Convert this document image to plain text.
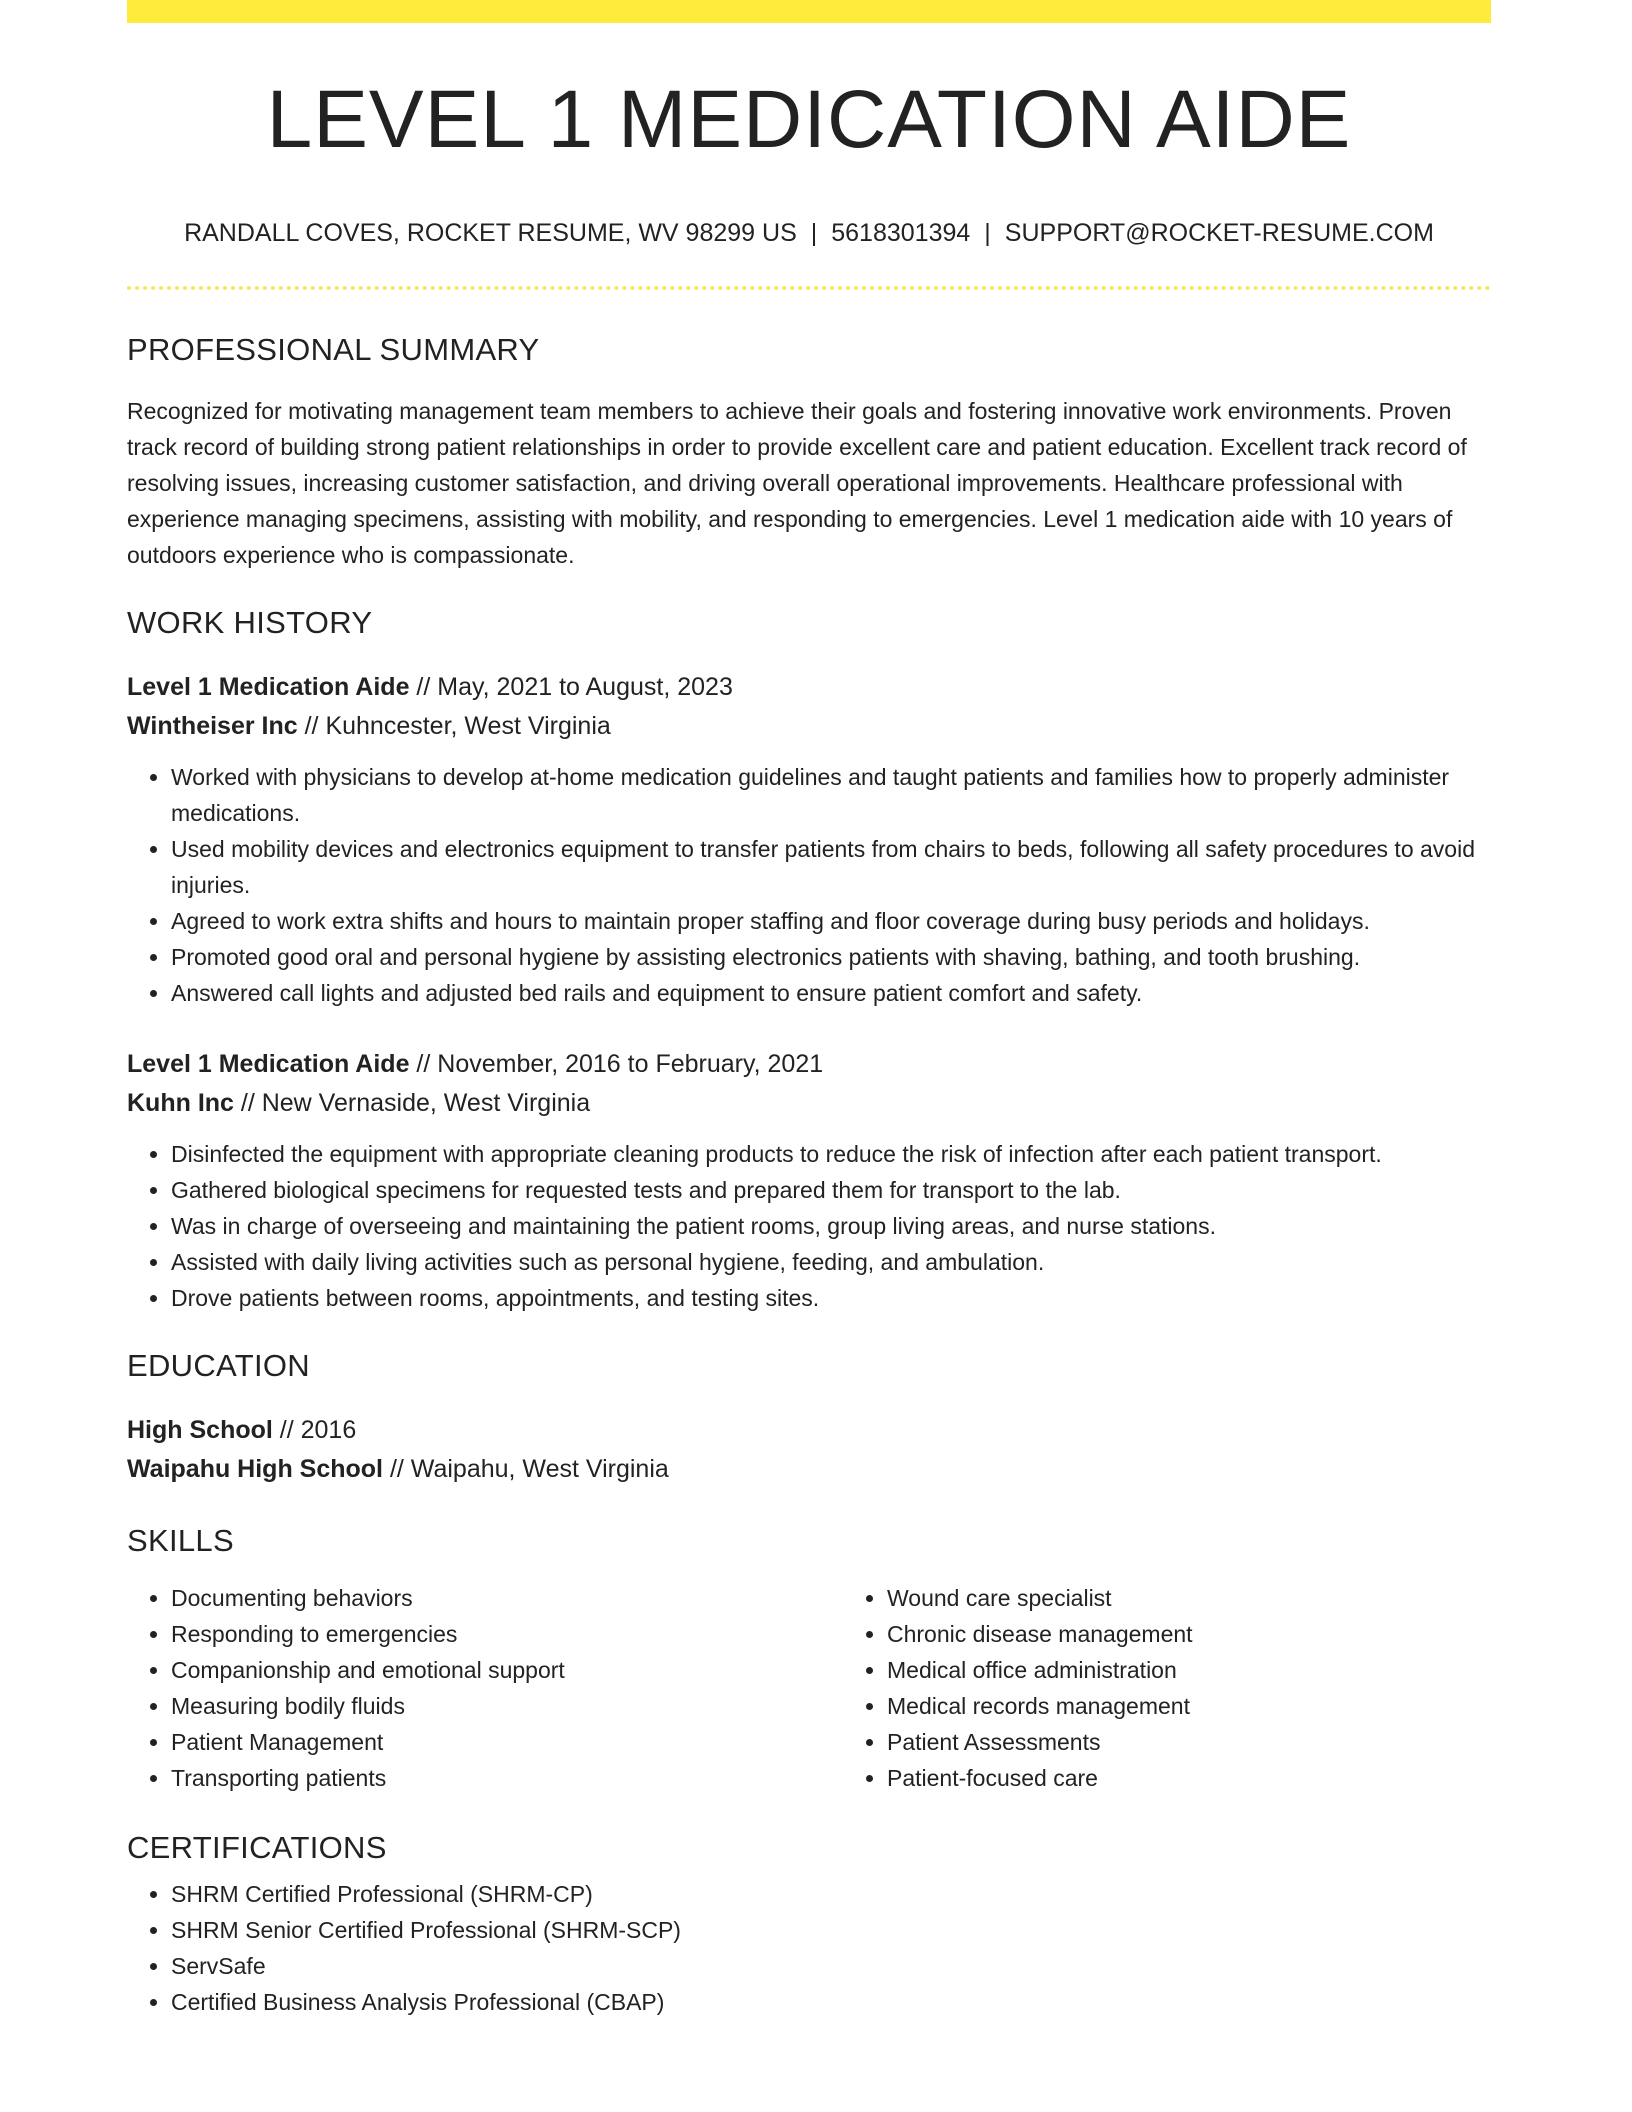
LEVEL 1 MEDICATION AIDE
RANDALL COVES, ROCKET RESUME, WV 98299 US | 5618301394 | SUPPORT@ROCKET-RESUME.COM
PROFESSIONAL SUMMARY

Recognized for motivating management team members to achieve their goals and fostering innovative work environments. Proven track record of building strong patient relationships in order to provide excellent care and patient education. Excellent track record of resolving issues, increasing customer satisfaction, and driving overall operational improvements. Healthcare professional with experience managing specimens, assisting with mobility, and responding to emergencies. Level 1 medication aide with 10 years of outdoors experience who is compassionate.

WORK HISTORY
Level 1 Medication Aide // May, 2021 to August, 2023
Wintheiser Inc // Kuhncester, West Virginia
• Worked with physicians to develop at-home medication guidelines and taught patients and families how to properly administer medications.
• Used mobility devices and electronics equipment to transfer patients from chairs to beds, following all safety procedures to avoid injuries.
• Agreed to work extra shifts and hours to maintain proper staffing and floor coverage during busy periods and holidays.
• Promoted good oral and personal hygiene by assisting electronics patients with shaving, bathing, and tooth brushing.
• Answered call lights and adjusted bed rails and equipment to ensure patient comfort and safety.
Level 1 Medication Aide // November, 2016 to February, 2021
Kuhn Inc // New Vernaside, West Virginia
• Disinfected the equipment with appropriate cleaning products to reduce the risk of infection after each patient transport.
• Gathered biological specimens for requested tests and prepared them for transport to the lab.
• Was in charge of overseeing and maintaining the patient rooms, group living areas, and nurse stations.
• Assisted with daily living activities such as personal hygiene, feeding, and ambulation.
• Drove patients between rooms, appointments, and testing sites.
EDUCATION
High School // 2016
Waipahu High School // Waipahu, West Virginia
SKILLS
• Documenting behaviors
• Responding to emergencies
• Companionship and emotional support
• Measuring bodily fluids
• Patient Management
• Transporting patients
• Wound care specialist
• Chronic disease management
• Medical office administration
• Medical records management
• Patient Assessments
• Patient-focused care
CERTIFICATIONS
• SHRM Certified Professional (SHRM-CP)
• SHRM Senior Certified Professional (SHRM-SCP)
• ServSafe
• Certified Business Analysis Professional (CBAP)
